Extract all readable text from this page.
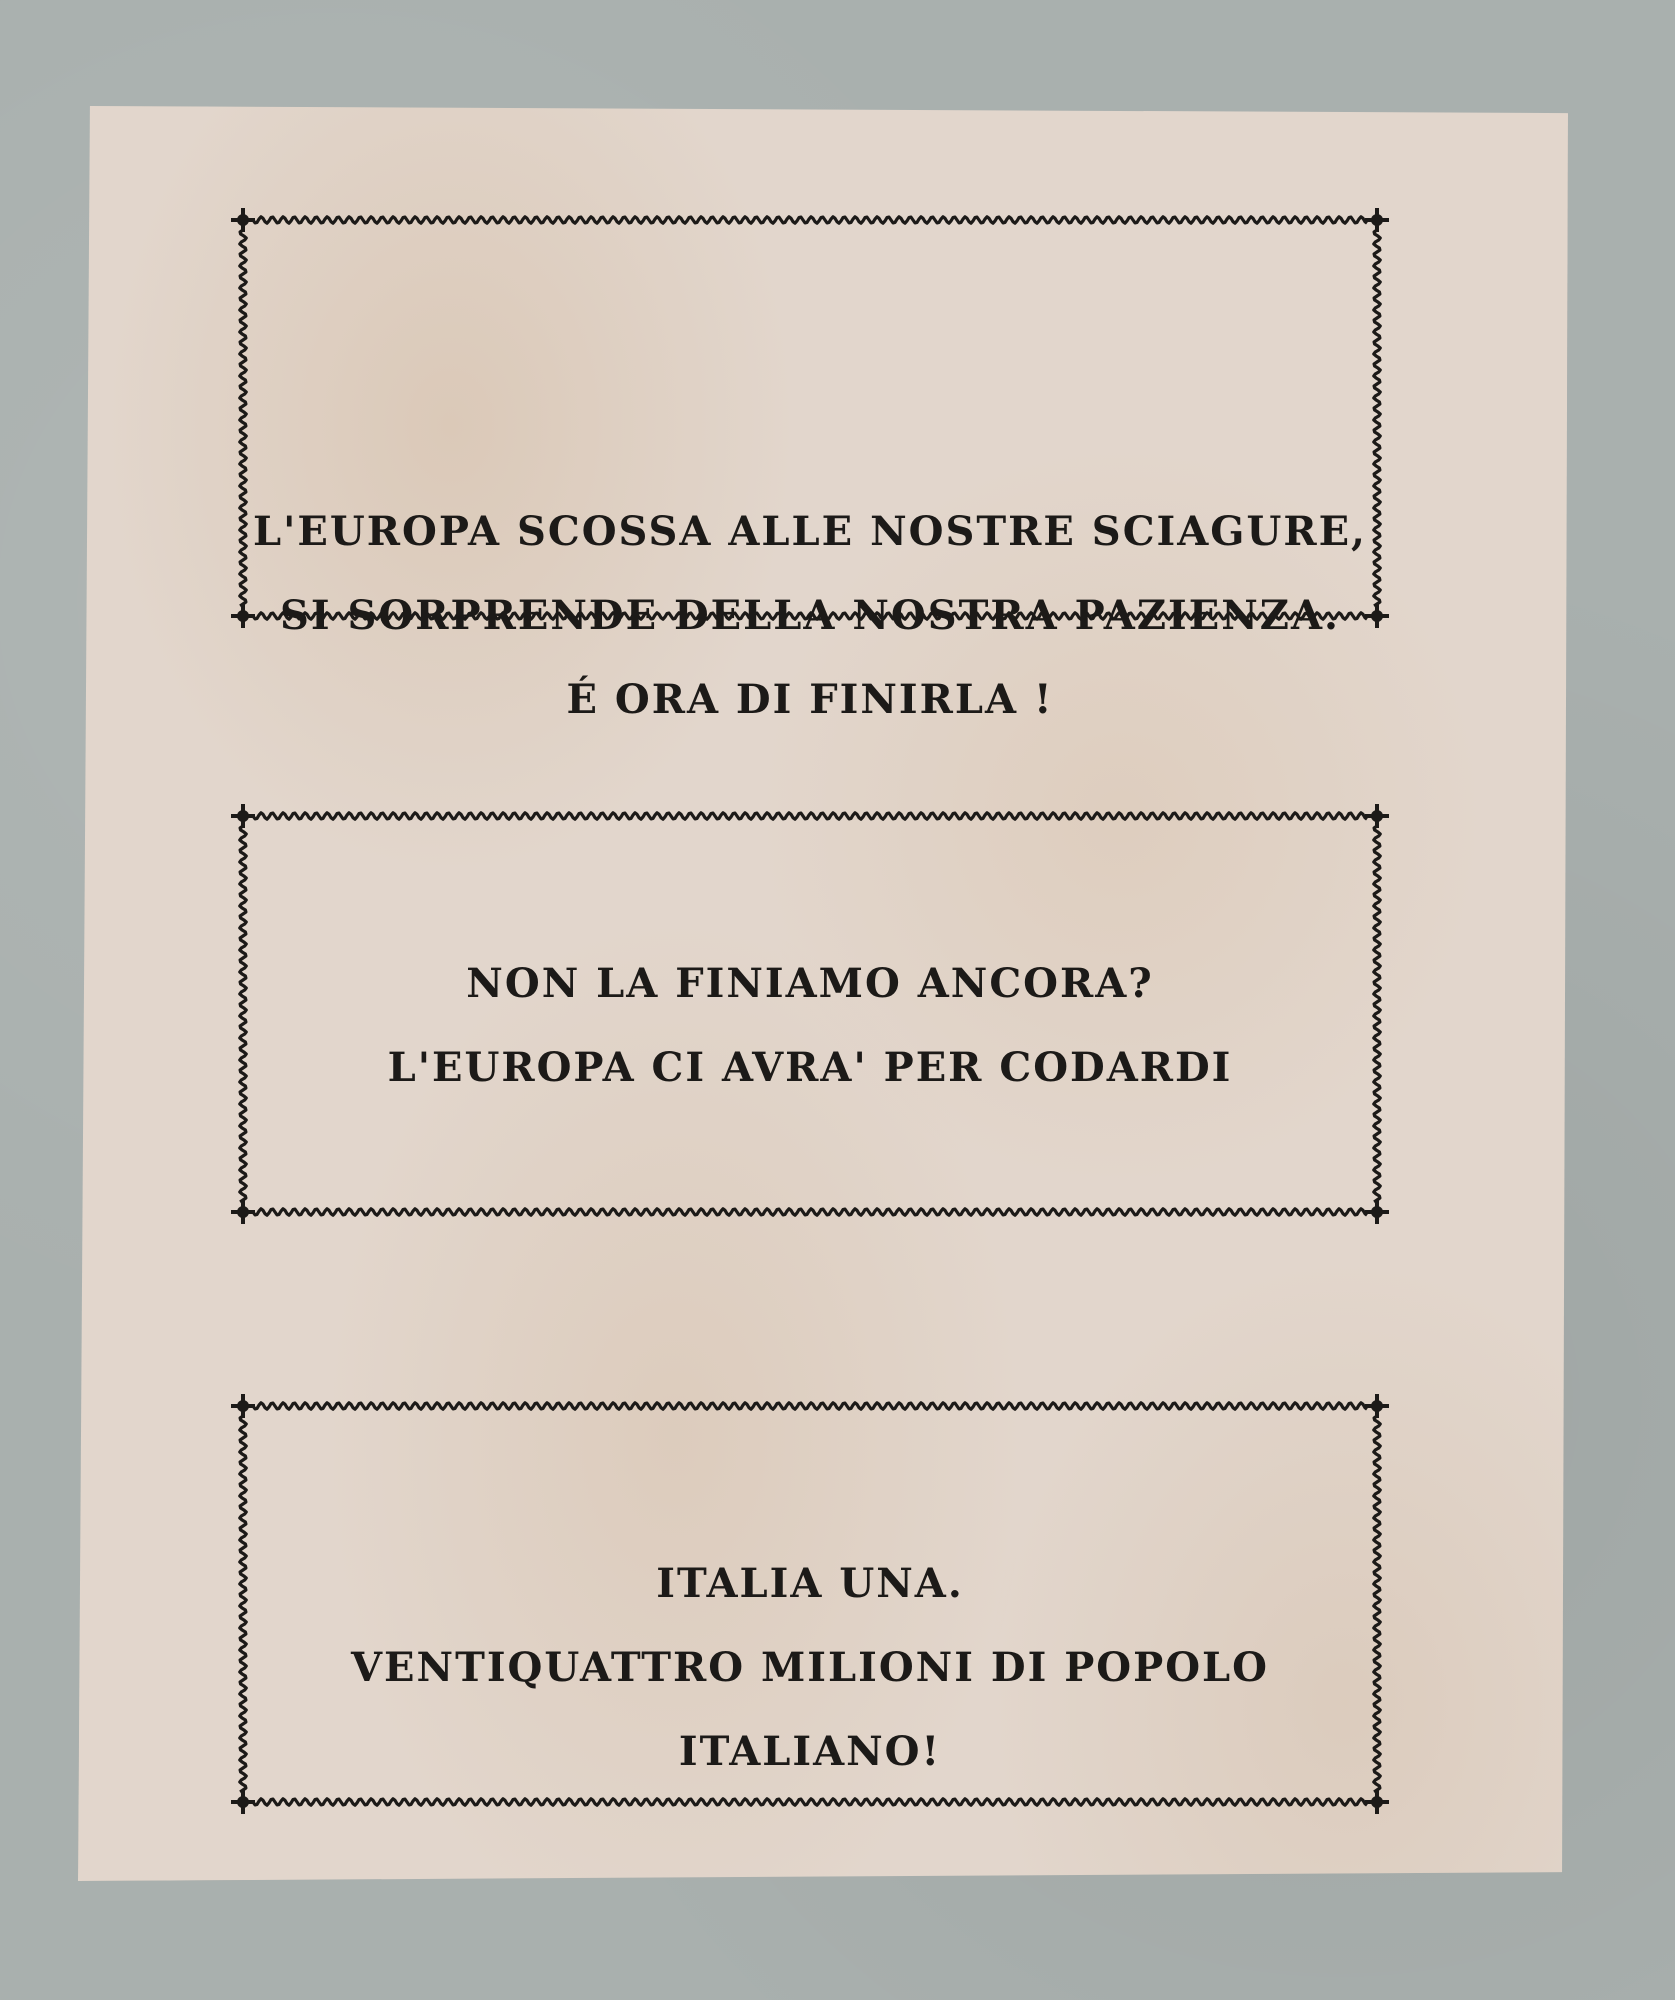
L'EUROPA SCOSSA ALLE NOSTRE SCIAGURE,
SI SORPRENDE DELLA NOSTRA PAZIENZA.
É ORA DI FINIRLA !
NON LA FINIAMO ANCORA?
L'EUROPA CI AVRA' PER CODARDI
ITALIA UNA.
VENTIQUATTRO MILIONI DI POPOLO
ITALIANO!
